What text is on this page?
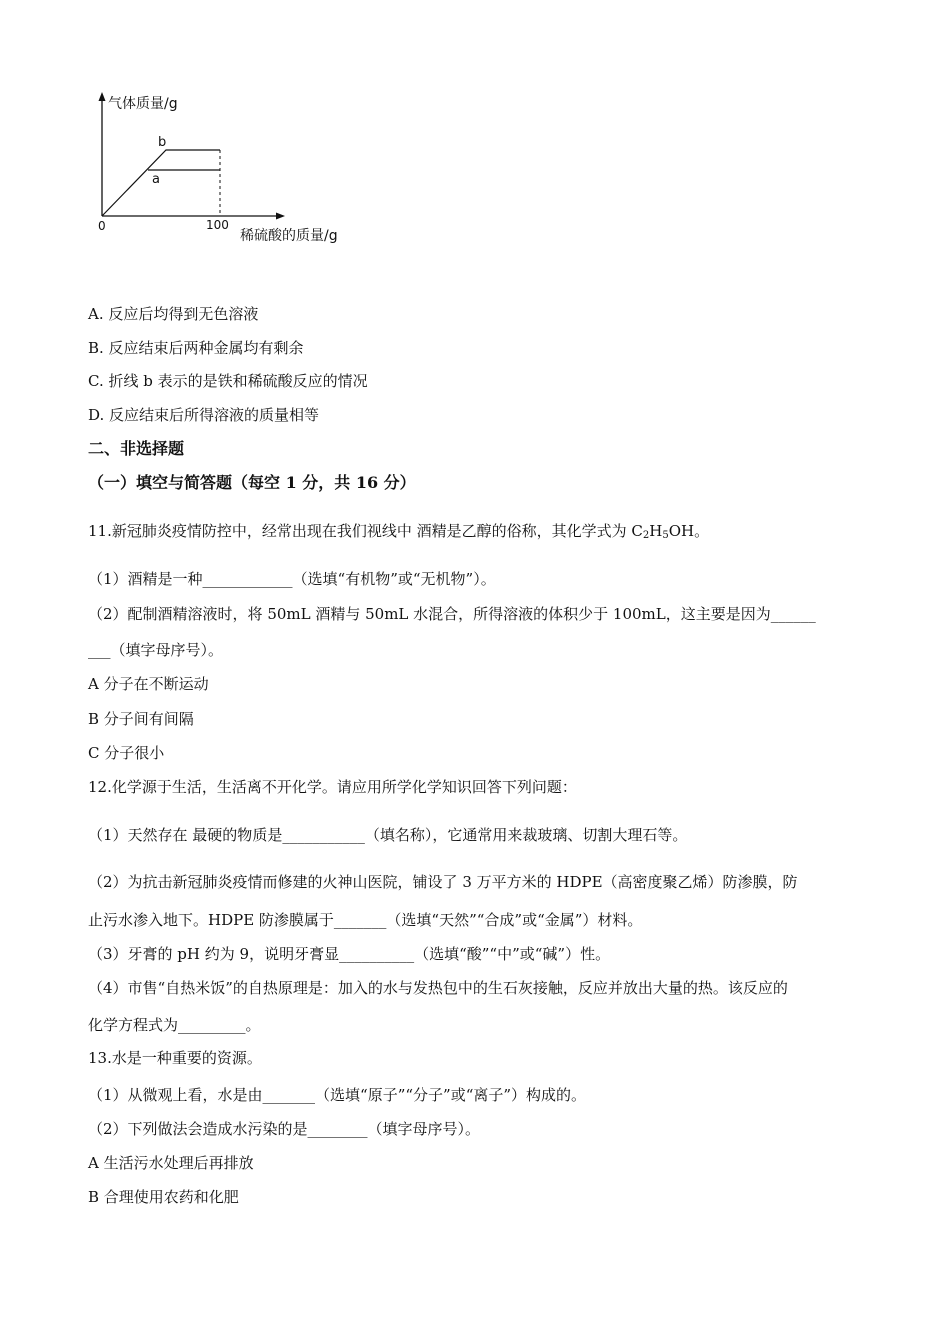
气体质量/g
稀硫酸的质量/g
0	100
b
a
A. 反应后均得到无色溶液
B. 反应结束后两种金属均有剩余
C. 折线 b 表示的是铁和稀硫酸反应的情况
D. 反应结束后所得溶液的质量相等
二、非选择题
（一）填空与简答题（每空 1 分，共 16 分）
11.新冠肺炎疫情防控中，经常出现在我们视线中 酒精是乙醇的俗称，其化学式为 $C_2H_5OH$。
（1）酒精是一种____________（选填“有机物”或“无机物”）。
（2）配制酒精溶液时，将 50mL 酒精与 50mL 水混合，所得溶液的体积少于 100mL，这主要是因为______
___（填字母序号）。
A 分子在不断运动
B 分子间有间隔
C 分子很小
12.化学源于生活，生活离不开化学。请应用所学化学知识回答下列问题：
（1）天然存在 最硬的物质是___________（填名称），它通常用来裁玻璃、切割大理石等。
（2）为抗击新冠肺炎疫情而修建的火神山医院，铺设了 3 万平方米的 HDPE（高密度聚乙烯）防渗膜，防
止污水渗入地下。HDPE 防渗膜属于_______（选填“天然”“合成”或“金属”）材料。
（3）牙膏的 pH 约为 9，说明牙膏显__________（选填“酸”“中”或“碱”）性。
（4）市售“自热米饭”的自热原理是：加入的水与发热包中的生石灰接触，反应并放出大量的热。该反应的
化学方程式为_________。
13.水是一种重要的资源。
（1）从微观上看，水是由_______（选填“原子”“分子”或“离子”）构成的。
（2）下列做法会造成水污染的是________（填字母序号）。
A 生活污水处理后再排放
B 合理使用农药和化肥
